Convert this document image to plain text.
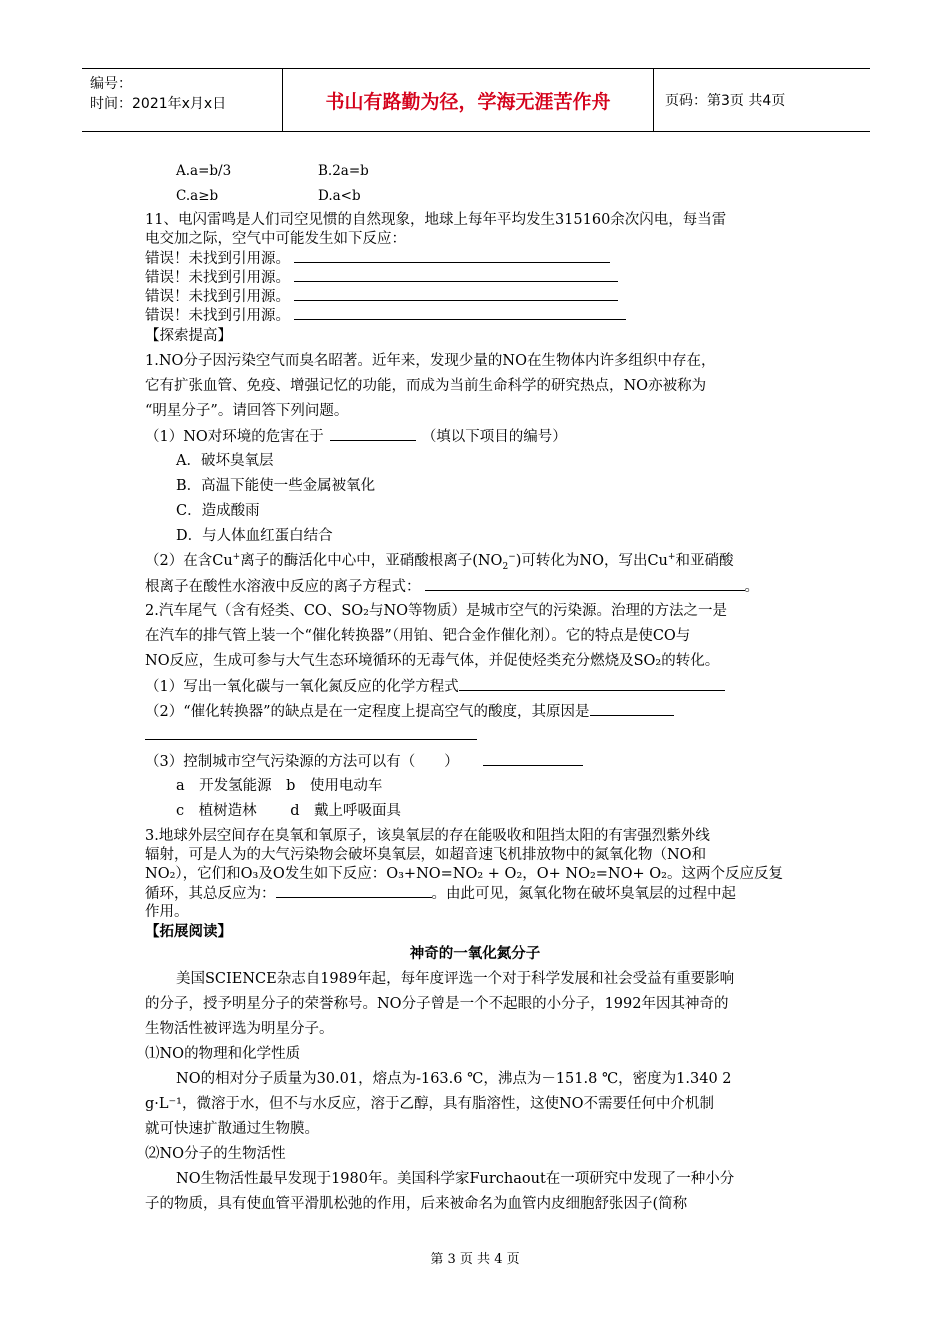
编号：
时间：2021年x月x日	书山有路勤为径，学海无涯苦作舟	页码：第3页 共4页
A.a=b/3	B.2a=b
C.a≥b	D.a<b
11、电闪雷鸣是人们司空见惯的自然现象，地球上每年平均发生315160余次闪电，每当雷
电交加之际，空气中可能发生如下反应：
错误！未找到引用源。
错误！未找到引用源。
错误！未找到引用源。
错误！未找到引用源。
【探索提高】
1.NO分子因污染空气而臭名昭著。近年来，发现少量的NO在生物体内许多组织中存在，
它有扩张血管、免疫、增强记忆的功能，而成为当前生命科学的研究热点，NO亦被称为
“明星分子”。请回答下列问题。
（1）NO对环境的危害在于	（填以下项目的编号）
A．破坏臭氧层
B．高温下能使一些金属被氧化
C．造成酸雨
D．与人体血红蛋白结合
（2）在含Cu+离子的酶活化中心中，亚硝酸根离子$(NO_2^-)$可转化为NO，写出Cu+和亚硝酸
根离子在酸性水溶液中反应的离子方程式：	。
2.汽车尾气（含有烃类、CO、SO₂与NO等物质）是城市空气的污染源。治理的方法之一是
在汽车的排气管上装一个“催化转换器”（用铂、钯合金作催化剂）。它的特点是使CO与
NO反应，生成可参与大气生态环境循环的无毒气体，并促使烃类充分燃烧及SO₂的转化。
（1）写出一氧化碳与一氧化氮反应的化学方程式
（2）“催化转换器”的缺点是在一定程度上提高空气的酸度，其原因是
（3）控制城市空气污染源的方法可以有（　　）
a　开发氢能源　b　使用电动车
c　植树造林　　 d　戴上呼吸面具
3.地球外层空间存在臭氧和氧原子，该臭氧层的存在能吸收和阻挡太阳的有害强烈紫外线
辐射，可是人为的大气污染物会破坏臭氧层，如超音速飞机排放物中的氮氧化物（NO和
NO₂），它们和O₃及O发生如下反应：O₃+NO=NO₂ + O₂，O+ NO₂=NO+ O₂。这两个反应反复
循环，其总反应为：	。由此可见，氮氧化物在破坏臭氧层的过程中起
作用。
【拓展阅读】
神奇的一氧化氮分子
美国SCIENCE杂志自1989年起，每年度评选一个对于科学发展和社会受益有重要影响
的分子，授予明星分子的荣誉称号。NO分子曾是一个不起眼的小分子，1992年因其神奇的
生物活性被评选为明星分子。
⑴NO的物理和化学性质
NO的相对分子质量为30.01，熔点为-163.6 ℃，沸点为－151.8 ℃，密度为1.340 2
g·L⁻¹，微溶于水，但不与水反应，溶于乙醇，具有脂溶性，这使NO不需要任何中介机制
就可快速扩散通过生物膜。
⑵NO分子的生物活性
NO生物活性最早发现于1980年。美国科学家Furchaout在一项研究中发现了一种小分
子的物质，具有使血管平滑肌松弛的作用，后来被命名为血管内皮细胞舒张因子(简称
第 3 页 共 4 页
